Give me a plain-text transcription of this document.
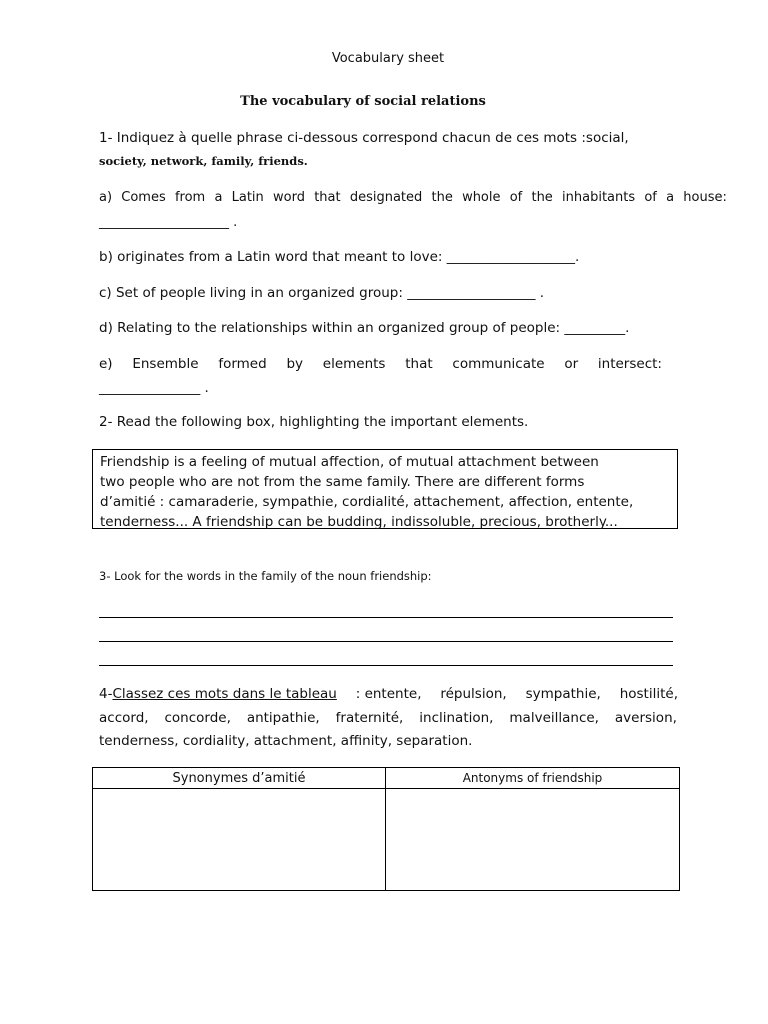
Vocabulary sheet
The vocabulary of social relations
1- Indiquez à quelle phrase ci-dessous correspond chacun de ces mots :social,
society, network, family, friends.
a) Comes from a Latin word that designated the whole of the inhabitants of a house:
____________________ .
b) originates from a Latin word that meant to love: ___________________.
c) Set of people living in an organized group: ___________________ .
d) Relating to the relationships within an organized group of people: _________.
e) Ensemble formed by elements that communicate or intersect:
_______________ .
2- Read the following box, highlighting the important elements.
Friendship is a feeling of mutual affection, of mutual attachment between
two people who are not from the same family. There are different forms
d’amitié : camaraderie, sympathie, cordialité, attachement, affection, entente,
tenderness... A friendship can be budding, indissoluble, precious, brotherly...
3- Look for the words in the family of the noun friendship:
4-Classez ces mots dans le tableau : entente, répulsion, sympathie, hostilité,
accord, concorde, antipathie, fraternité, inclination, malveillance, aversion,
tenderness, cordiality, attachment, affinity, separation.
Synonymes d’amitié	Antonyms of friendship
